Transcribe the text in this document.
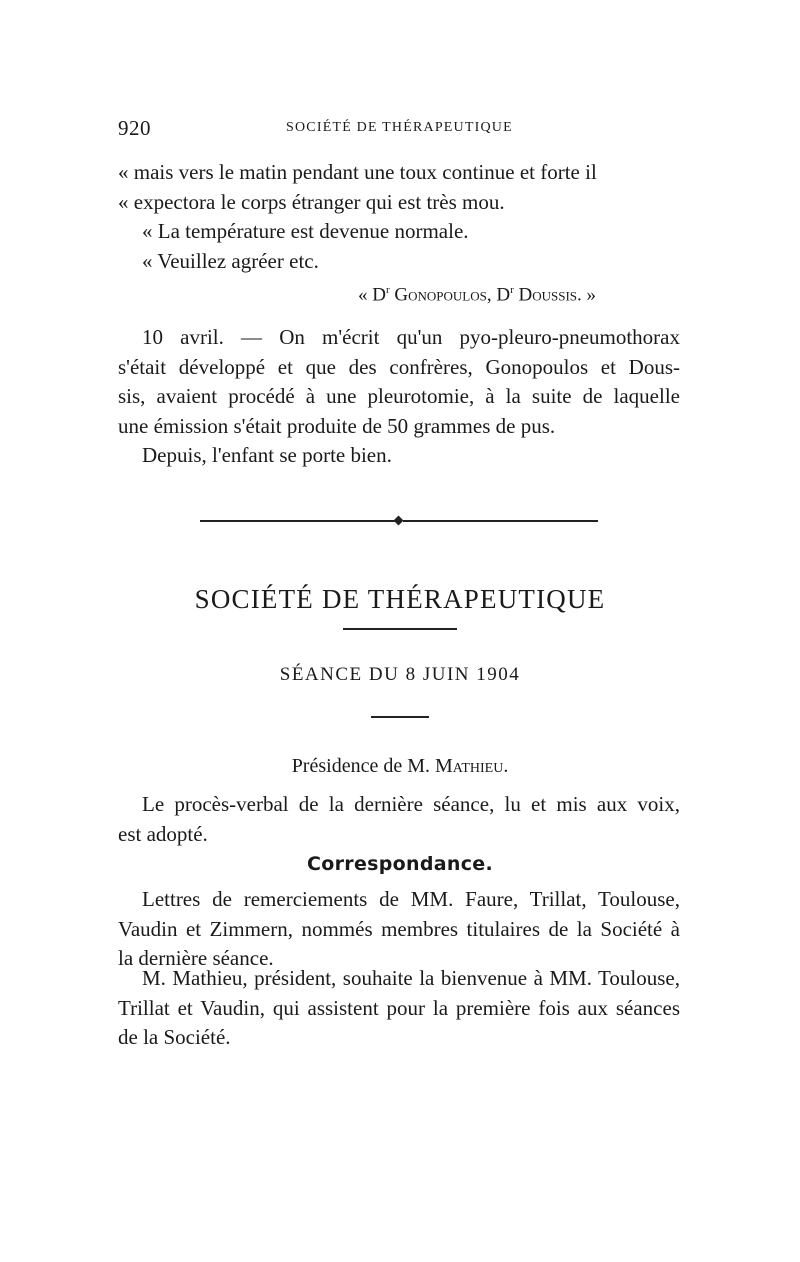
920	SOCIÉTÉ DE THÉRAPEUTIQUE
« mais vers le matin pendant une toux continue et forte il
« expectora le corps étranger qui est très mou.
« La température est devenue normale.
« Veuillez agréer etc.
« $D^r$ Gonopoulos, $D^r$ Doussis. »
10 avril. — On m'écrit qu'un pyo-pleuro-pneumothorax
s'était développé et que des confrères, Gonopoulos et Dous-
sis, avaient procédé à une pleurotomie, à la suite de laquelle
une émission s'était produite de 50 grammes de pus.
Depuis, l'enfant se porte bien.
SOCIÉTÉ DE THÉRAPEUTIQUE
SÉANCE DU 8 JUIN 1904
Présidence de M. Mathieu.
Le procès-verbal de la dernière séance, lu et mis aux voix,
est adopté.
Correspondance.
Lettres de remerciements de MM. Faure, Trillat, Toulouse,
Vaudin et Zimmern, nommés membres titulaires de la Société à
la dernière séance.
M. Mathieu, président, souhaite la bienvenue à MM. Toulouse,
Trillat et Vaudin, qui assistent pour la première fois aux séances
de la Société.
